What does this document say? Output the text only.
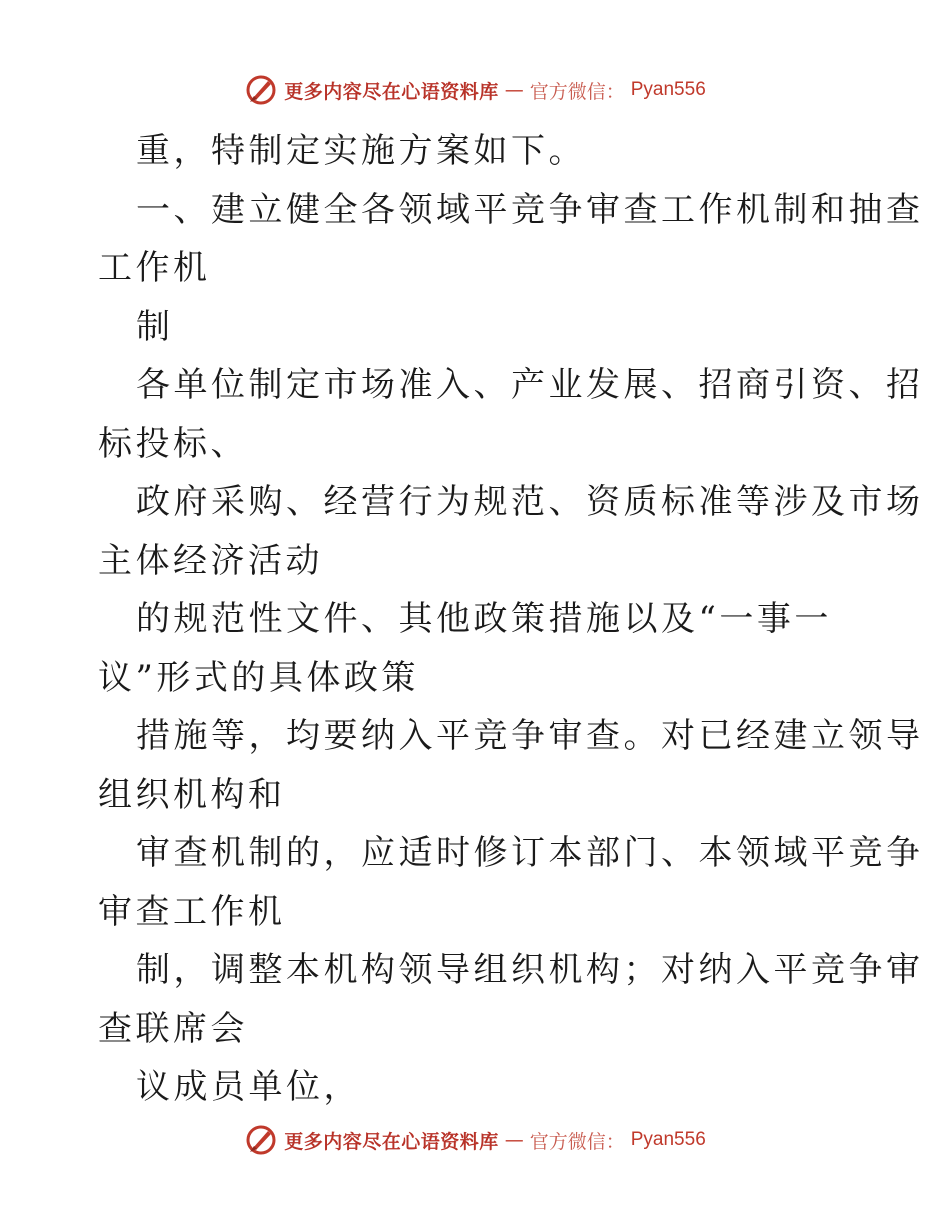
更多内容尽在心语资料库 — 官方微信： Pyan556
重，特制定实施方案如下。
一、建立健全各领域平竞争审查工作机制和抽查
工作机
制
各单位制定市场准入、产业发展、招商引资、招
标投标、
政府采购、经营行为规范、资质标准等涉及市场
主体经济活动
的规范性文件、其他政策措施以及“一事一
议”形式的具体政策
措施等，均要纳入平竞争审查。对已经建立领导
组织机构和
审查机制的，应适时修订本部门、本领域平竞争
审查工作机
制，调整本机构领导组织机构；对纳入平竞争审
查联席会
议成员单位，
更多内容尽在心语资料库 — 官方微信： Pyan556
